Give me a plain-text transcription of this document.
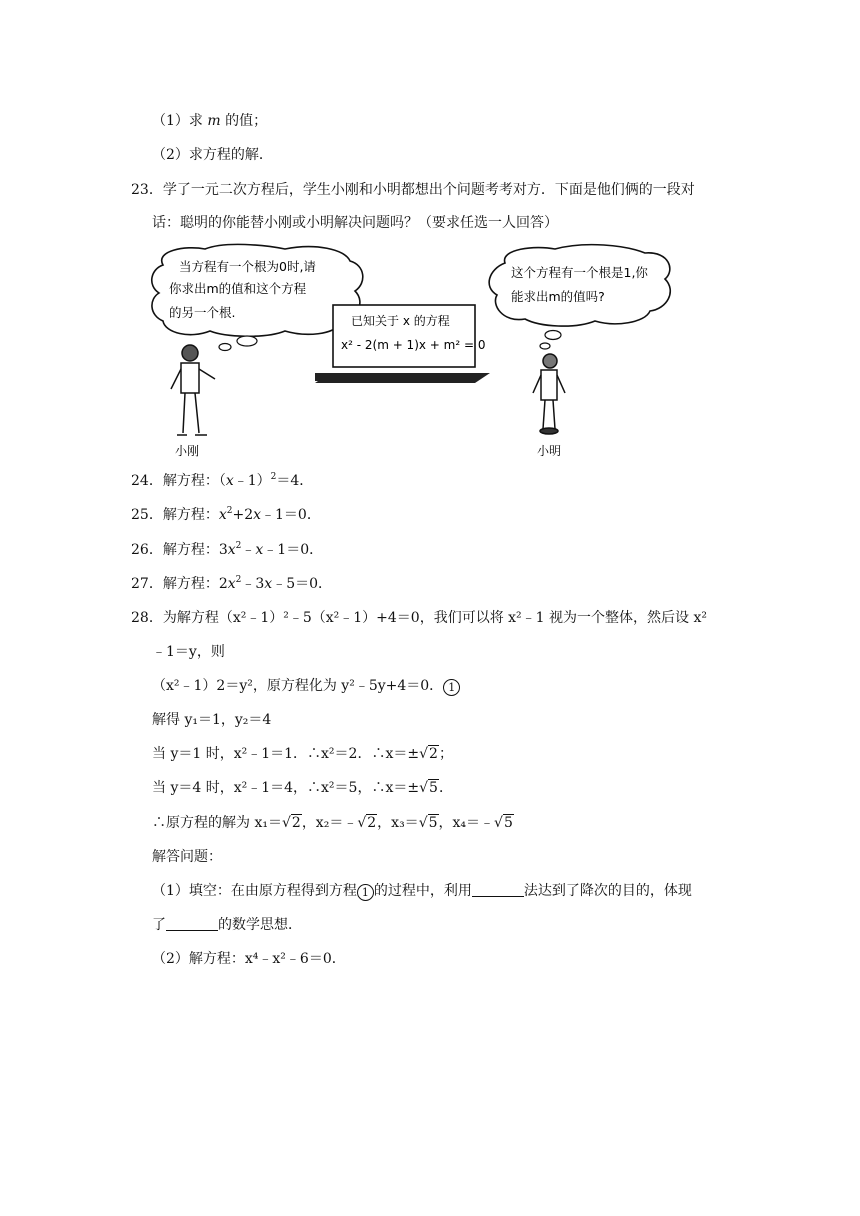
（1）求 m 的值；
（2）求方程的解．
23．学了一元二次方程后，学生小刚和小明都想出个问题考考对方．下面是他们俩的一段对
话：聪明的你能替小刚或小明解决问题吗？（要求任选一人回答）
当方程有一个根为0时,请
你求出m的值和这个方程
的另一个根.
已知关于 x 的方程
x² - 2(m + 1)x + m² = 0
这个方程有一个根是1,你
能求出m的值吗?
小刚	小明
24．解方程：（x﹣1）$^2$＝4．
25．解方程：$x^2+2x﹣1=0$．
26．解方程：$3x^2﹣x﹣1=0$．
27．解方程：$2x^2﹣3x﹣5=0$．
28．为解方程（x²﹣1）²﹣5（x²﹣1）+4＝0，我们可以将 x²﹣1 视为一个整体，然后设 x²
﹣1＝y，则
（x²﹣1）2＝y²，原方程化为 y²﹣5y+4＝0． 1
解得 y₁＝1，y₂＝4
当 y＝1 时，x²﹣1＝1．∴x²＝2．∴x＝±√2；
当 y＝4 时，x²﹣1＝4，∴x²＝5，∴x＝±√5．
∴原方程的解为 x₁＝√2，x₂＝﹣√2，x₃＝√5，x₄＝﹣√5
解答问题：
（1）填空：在由原方程得到方程 1 的过程中，利用	法达到了降次的目的，体现
了	的数学思想．
（2）解方程：x⁴﹣x²﹣6＝0．
